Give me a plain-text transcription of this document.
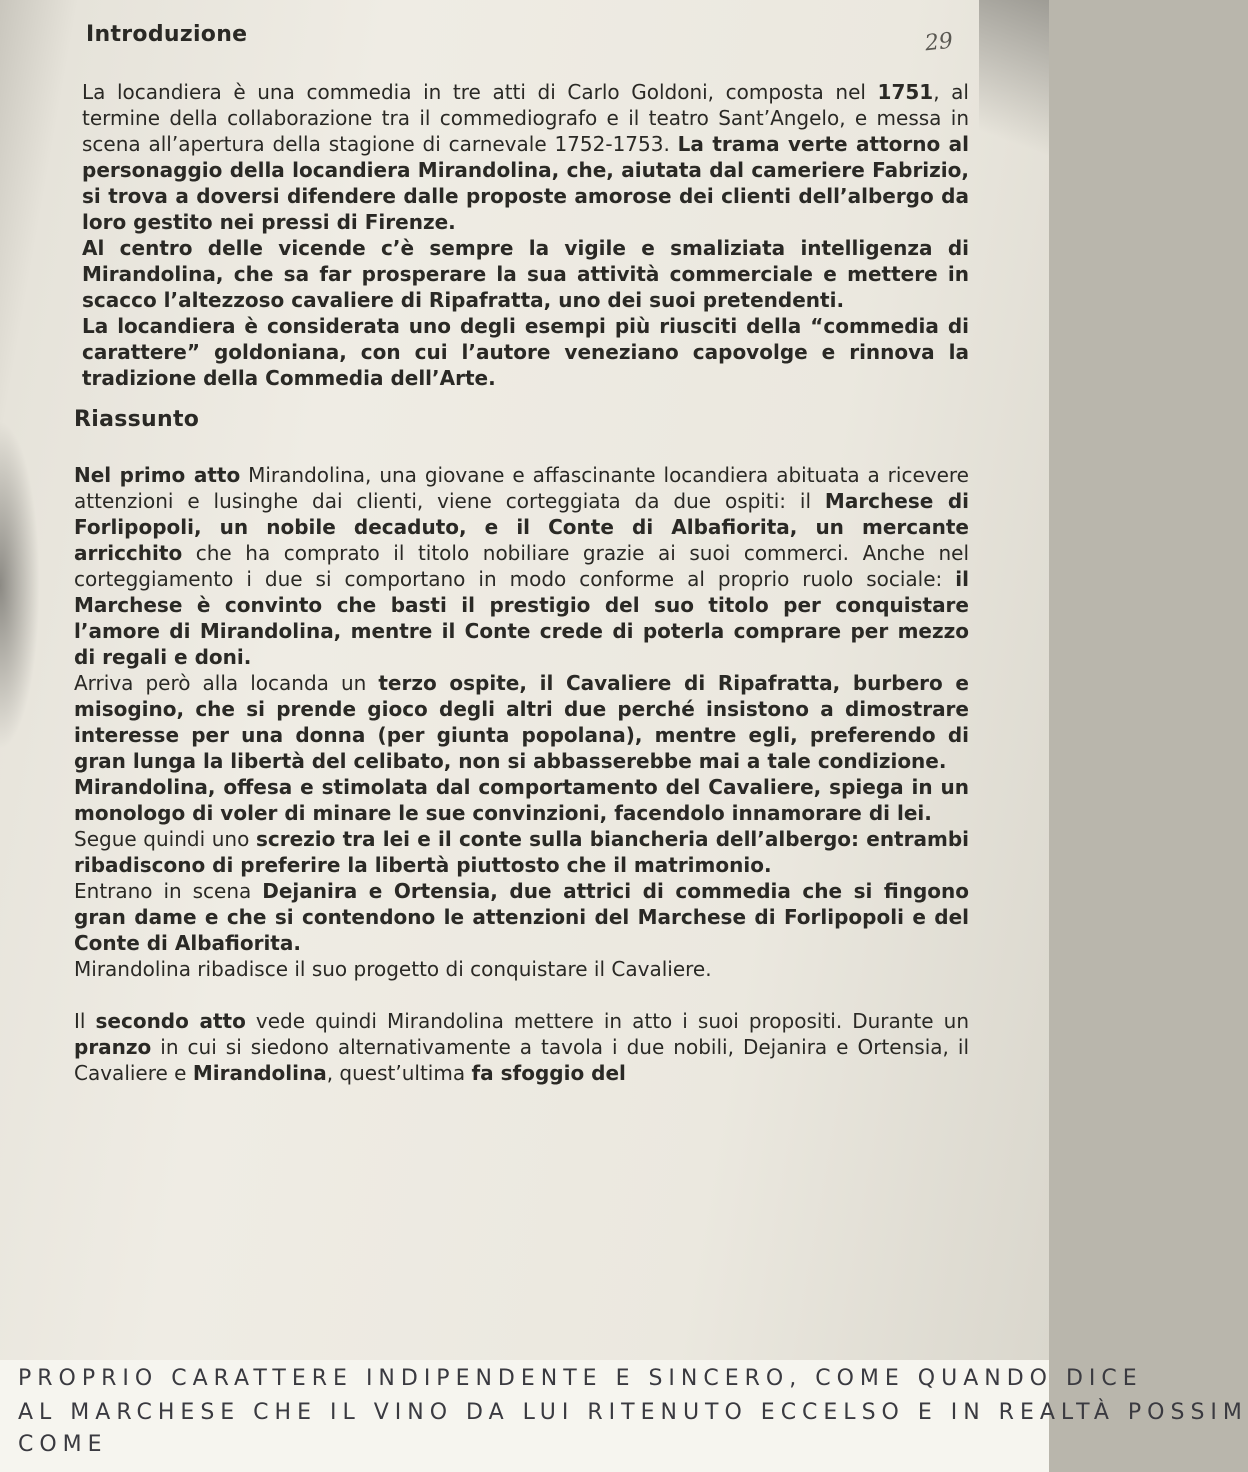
29
Introduzione

La locandiera è una commedia in tre atti di Carlo Goldoni, composta nel 1751, al termine della collaborazione tra il commediografo e il teatro Sant’Angelo, e messa in scena all’apertura della stagione di carnevale 1752-1753. La trama verte attorno al personaggio della locandiera Mirandolina, che, aiutata dal cameriere Fabrizio, si trova a doversi difendere dalle proposte amorose dei clienti dell’albergo da loro gestito nei pressi di Firenze.

Al centro delle vicende c’è sempre la vigile e smaliziata intelligenza di Mirandolina, che sa far prosperare la sua attività commerciale e mettere in scacco l’altezzoso cavaliere di Ripafratta, uno dei suoi pretendenti.

La locandiera è considerata uno degli esempi più riusciti della “commedia di carattere” goldoniana, con cui l’autore veneziano capovolge e rinnova la tradizione della Commedia dell’Arte.

Riassunto

Nel primo atto Mirandolina, una giovane e affascinante locandiera abituata a ricevere attenzioni e lusinghe dai clienti, viene corteggiata da due ospiti: il Marchese di Forlipopoli, un nobile decaduto, e il Conte di Albafiorita, un mercante arricchito che ha comprato il titolo nobiliare grazie ai suoi commerci. Anche nel corteggiamento i due si comportano in modo conforme al proprio ruolo sociale: il Marchese è convinto che basti il prestigio del suo titolo per conquistare l’amore di Mirandolina, mentre il Conte crede di poterla comprare per mezzo di regali e doni.

Arriva però alla locanda un terzo ospite, il Cavaliere di Ripafratta, burbero e misogino, che si prende gioco degli altri due perché insistono a dimostrare interesse per una donna (per giunta popolana), mentre egli, preferendo di gran lunga la libertà del celibato, non si abbasserebbe mai a tale condizione.

Mirandolina, offesa e stimolata dal comportamento del Cavaliere, spiega in un monologo di voler di minare le sue convinzioni, facendolo innamorare di lei.

Segue quindi uno screzio tra lei e il conte sulla biancheria dell’albergo: entrambi ribadiscono di preferire la libertà piuttosto che il matrimonio.

Entrano in scena Dejanira e Ortensia, due attrici di commedia che si fingono gran dame e che si contendono le attenzioni del Marchese di Forlipopoli e del Conte di Albafiorita.

Mirandolina ribadisce il suo progetto di conquistare il Cavaliere.

Il secondo atto vede quindi Mirandolina mettere in atto i suoi propositi. Durante un pranzo in cui si siedono alternativamente a tavola i due nobili, Dejanira e Ortensia, il Cavaliere e Mirandolina, quest’ultima fa sfoggio del

PROPRIO CARATTERE INDIPENDENTE E SINCERO, COME QUANDO DICE
AL MARCHESE CHE IL VINO DA LUI RITENUTO ECCELSO E IN REALTÀ POSSIM
COME
